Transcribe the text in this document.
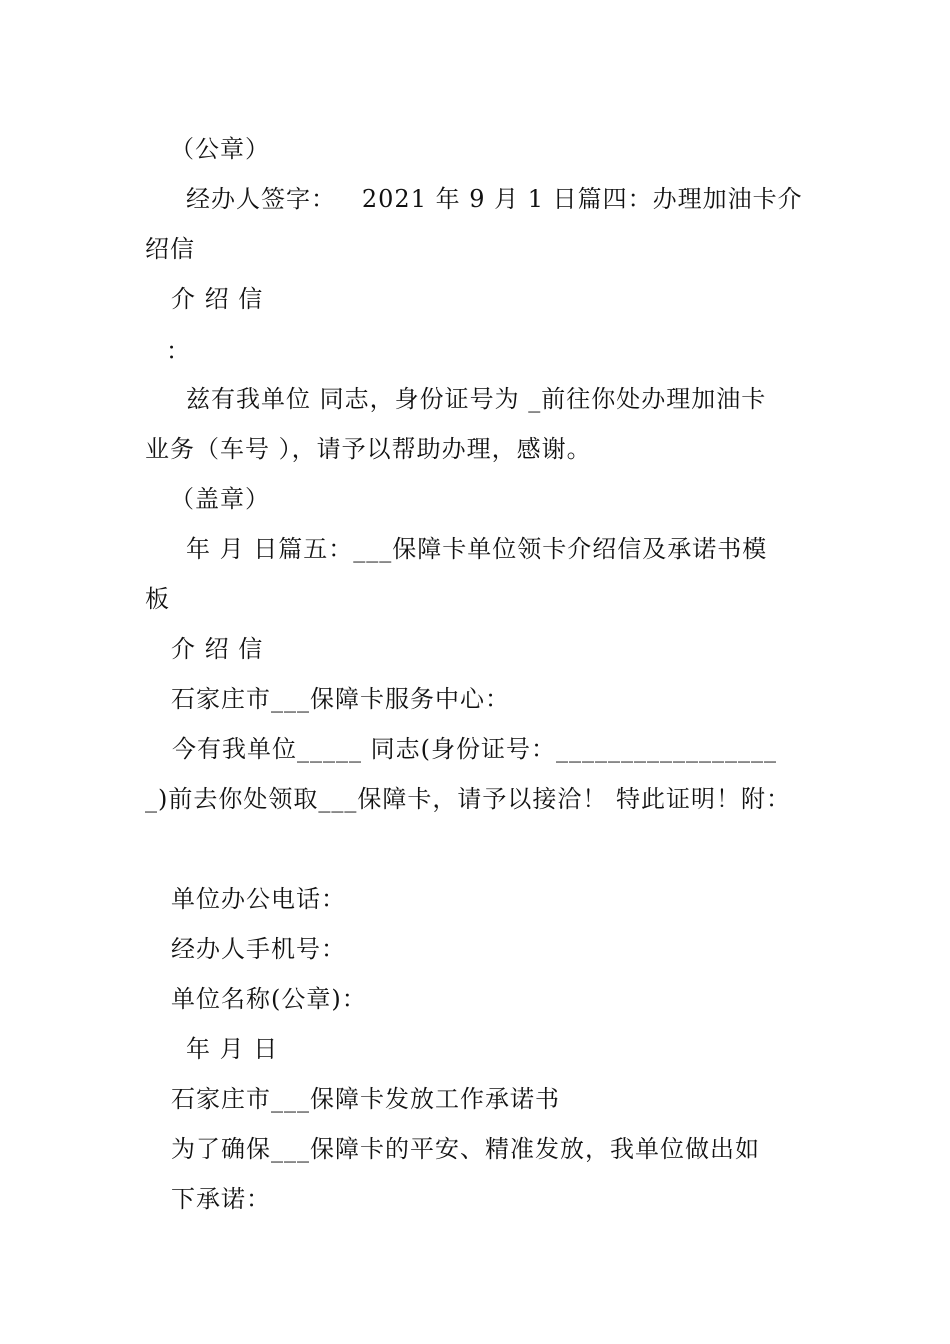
（公章）
经办人签字：   2021 年 9 月 1 日篇四：办理加油卡介
绍信
介 绍 信
：
兹有我单位 同志，身份证号为 _前往你处办理加油卡
业务（车号 ），请予以帮助办理，感谢。
（盖章）
年 月 日篇五：___保障卡单位领卡介绍信及承诺书模
板
介 绍 信
石家庄市___保障卡服务中心：
今有我单位_____ 同志(身份证号：_________________
_)前去你处领取___保障卡，请予以接洽！ 特此证明！附：
单位办公电话：
经办人手机号：
单位名称(公章)：
年 月 日
石家庄市___保障卡发放工作承诺书
为了确保___保障卡的平安、精准发放，我单位做出如
下承诺：
